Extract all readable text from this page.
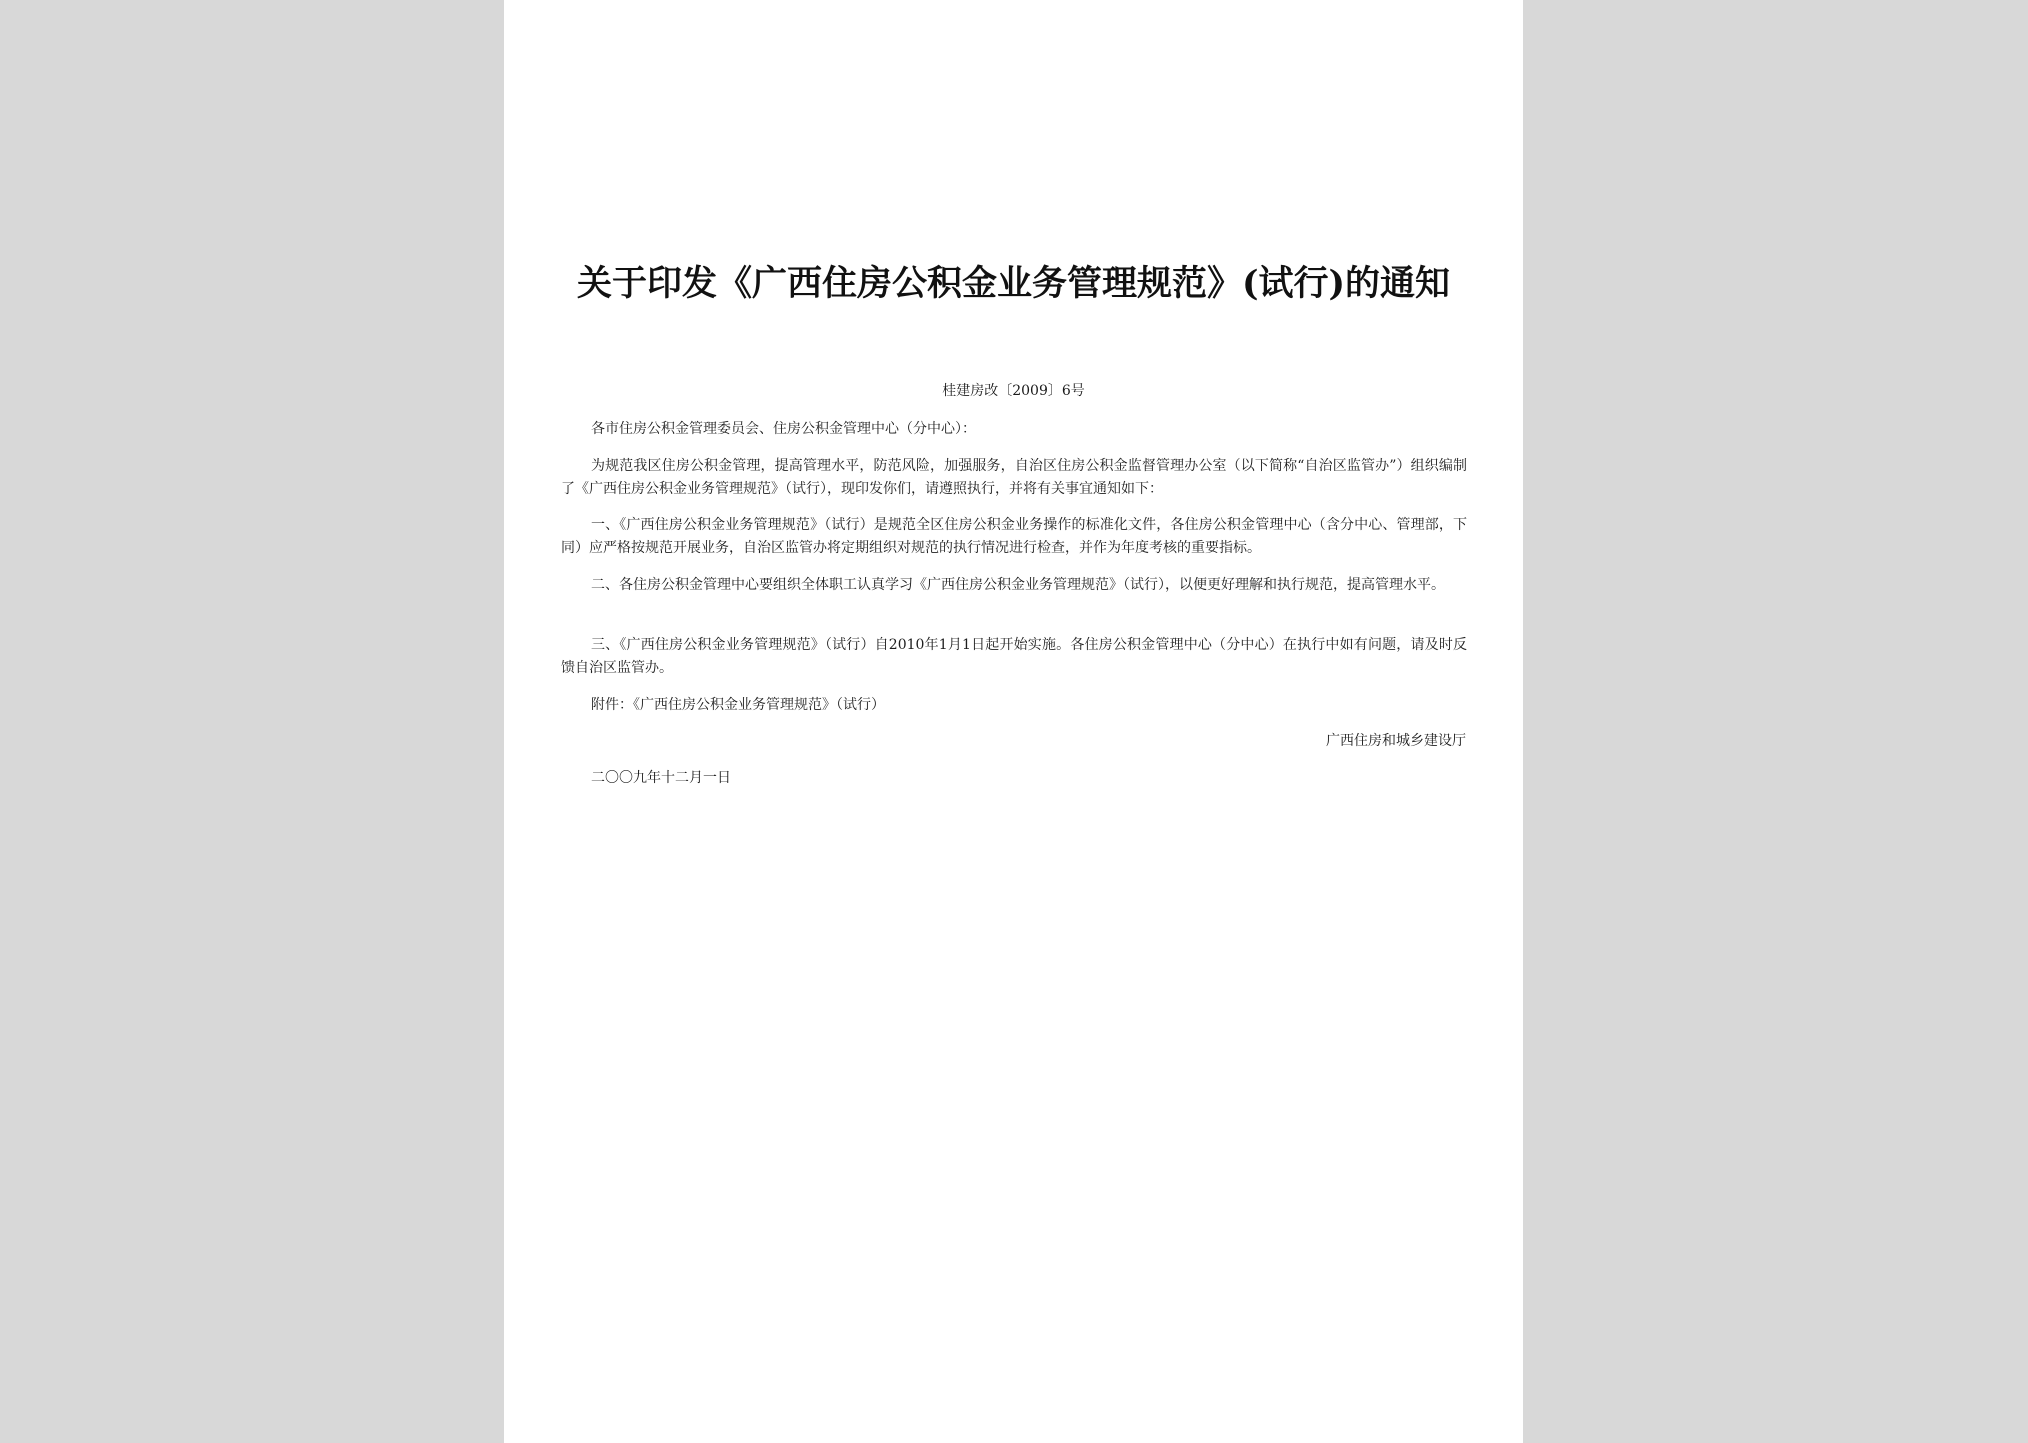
关于印发《广西住房公积金业务管理规范》(试行)的通知
桂建房改〔2009〕6号
各市住房公积金管理委员会、住房公积金管理中心（分中心）：
为规范我区住房公积金管理，提高管理水平，防范风险，加强服务，自治区住房公积金监督管理办公室（以下简称“自治区监管办”）组织编制了《广西住房公积金业务管理规范》（试行），现印发你们，请遵照执行，并将有关事宜通知如下：
一、《广西住房公积金业务管理规范》（试行）是规范全区住房公积金业务操作的标准化文件，各住房公积金管理中心（含分中心、管理部，下同）应严格按规范开展业务，自治区监管办将定期组织对规范的执行情况进行检查，并作为年度考核的重要指标。
二、各住房公积金管理中心要组织全体职工认真学习《广西住房公积金业务管理规范》（试行），以便更好理解和执行规范，提高管理水平。
三、《广西住房公积金业务管理规范》（试行）自2010年1月1日起开始实施。各住房公积金管理中心（分中心）在执行中如有问题，请及时反馈自治区监管办。
附件：《广西住房公积金业务管理规范》（试行）
广西住房和城乡建设厅
二〇〇九年十二月一日
